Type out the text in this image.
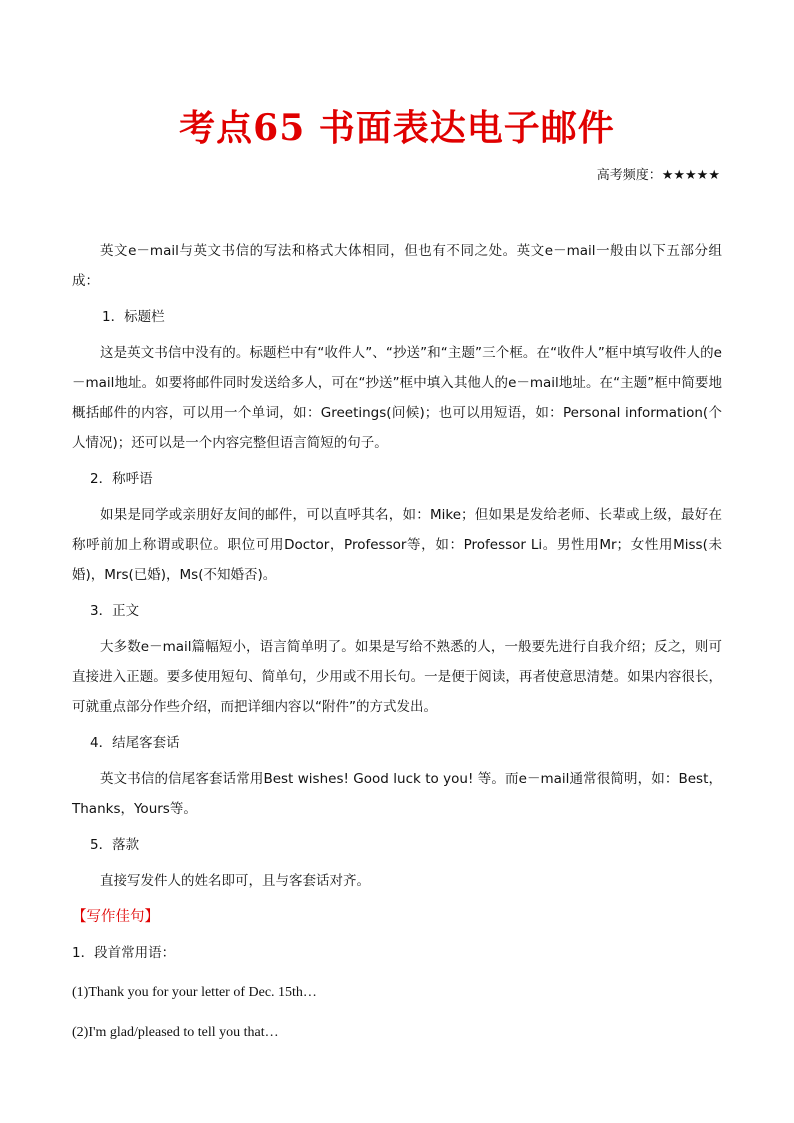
考点65 书面表达电子邮件
高考频度：★★★★★

英文e－mail与英文书信的写法和格式大体相同，但也有不同之处。英文e－mail一般由以下五部分组成：

1．标题栏

这是英文书信中没有的。标题栏中有“收件人”、“抄送”和“主题”三个框。在“收件人”框中填写收件人的e－mail地址。如要将邮件同时发送给多人，可在“抄送”框中填入其他人的e－mail地址。在“主题”框中简要地概括邮件的内容，可以用一个单词，如：Greetings(问候)；也可以用短语，如：Personal information(个人情况)；还可以是一个内容完整但语言简短的句子。

2．称呼语

如果是同学或亲朋好友间的邮件，可以直呼其名，如：Mike；但如果是发给老师、长辈或上级，最好在称呼前加上称谓或职位。职位可用Doctor，Professor等，如：Professor Li。男性用Mr；女性用Miss(未婚)，Mrs(已婚)，Ms(不知婚否)。

3．正文

大多数e－mail篇幅短小，语言简单明了。如果是写给不熟悉的人，一般要先进行自我介绍；反之，则可直接进入正题。要多使用短句、简单句，少用或不用长句。一是便于阅读，再者使意思清楚。如果内容很长，可就重点部分作些介绍，而把详细内容以“附件”的方式发出。

4．结尾客套话

英文书信的信尾客套话常用Best wishes! Good luck to you! 等。而e－mail通常很简明，如：Best，Thanks，Yours等。

5．落款

直接写发件人的姓名即可，且与客套话对齐。

【写作佳句】

1．段首常用语：

(1)Thank you for your letter of Dec. 15th…

(2)I'm glad/pleased to tell you that…
